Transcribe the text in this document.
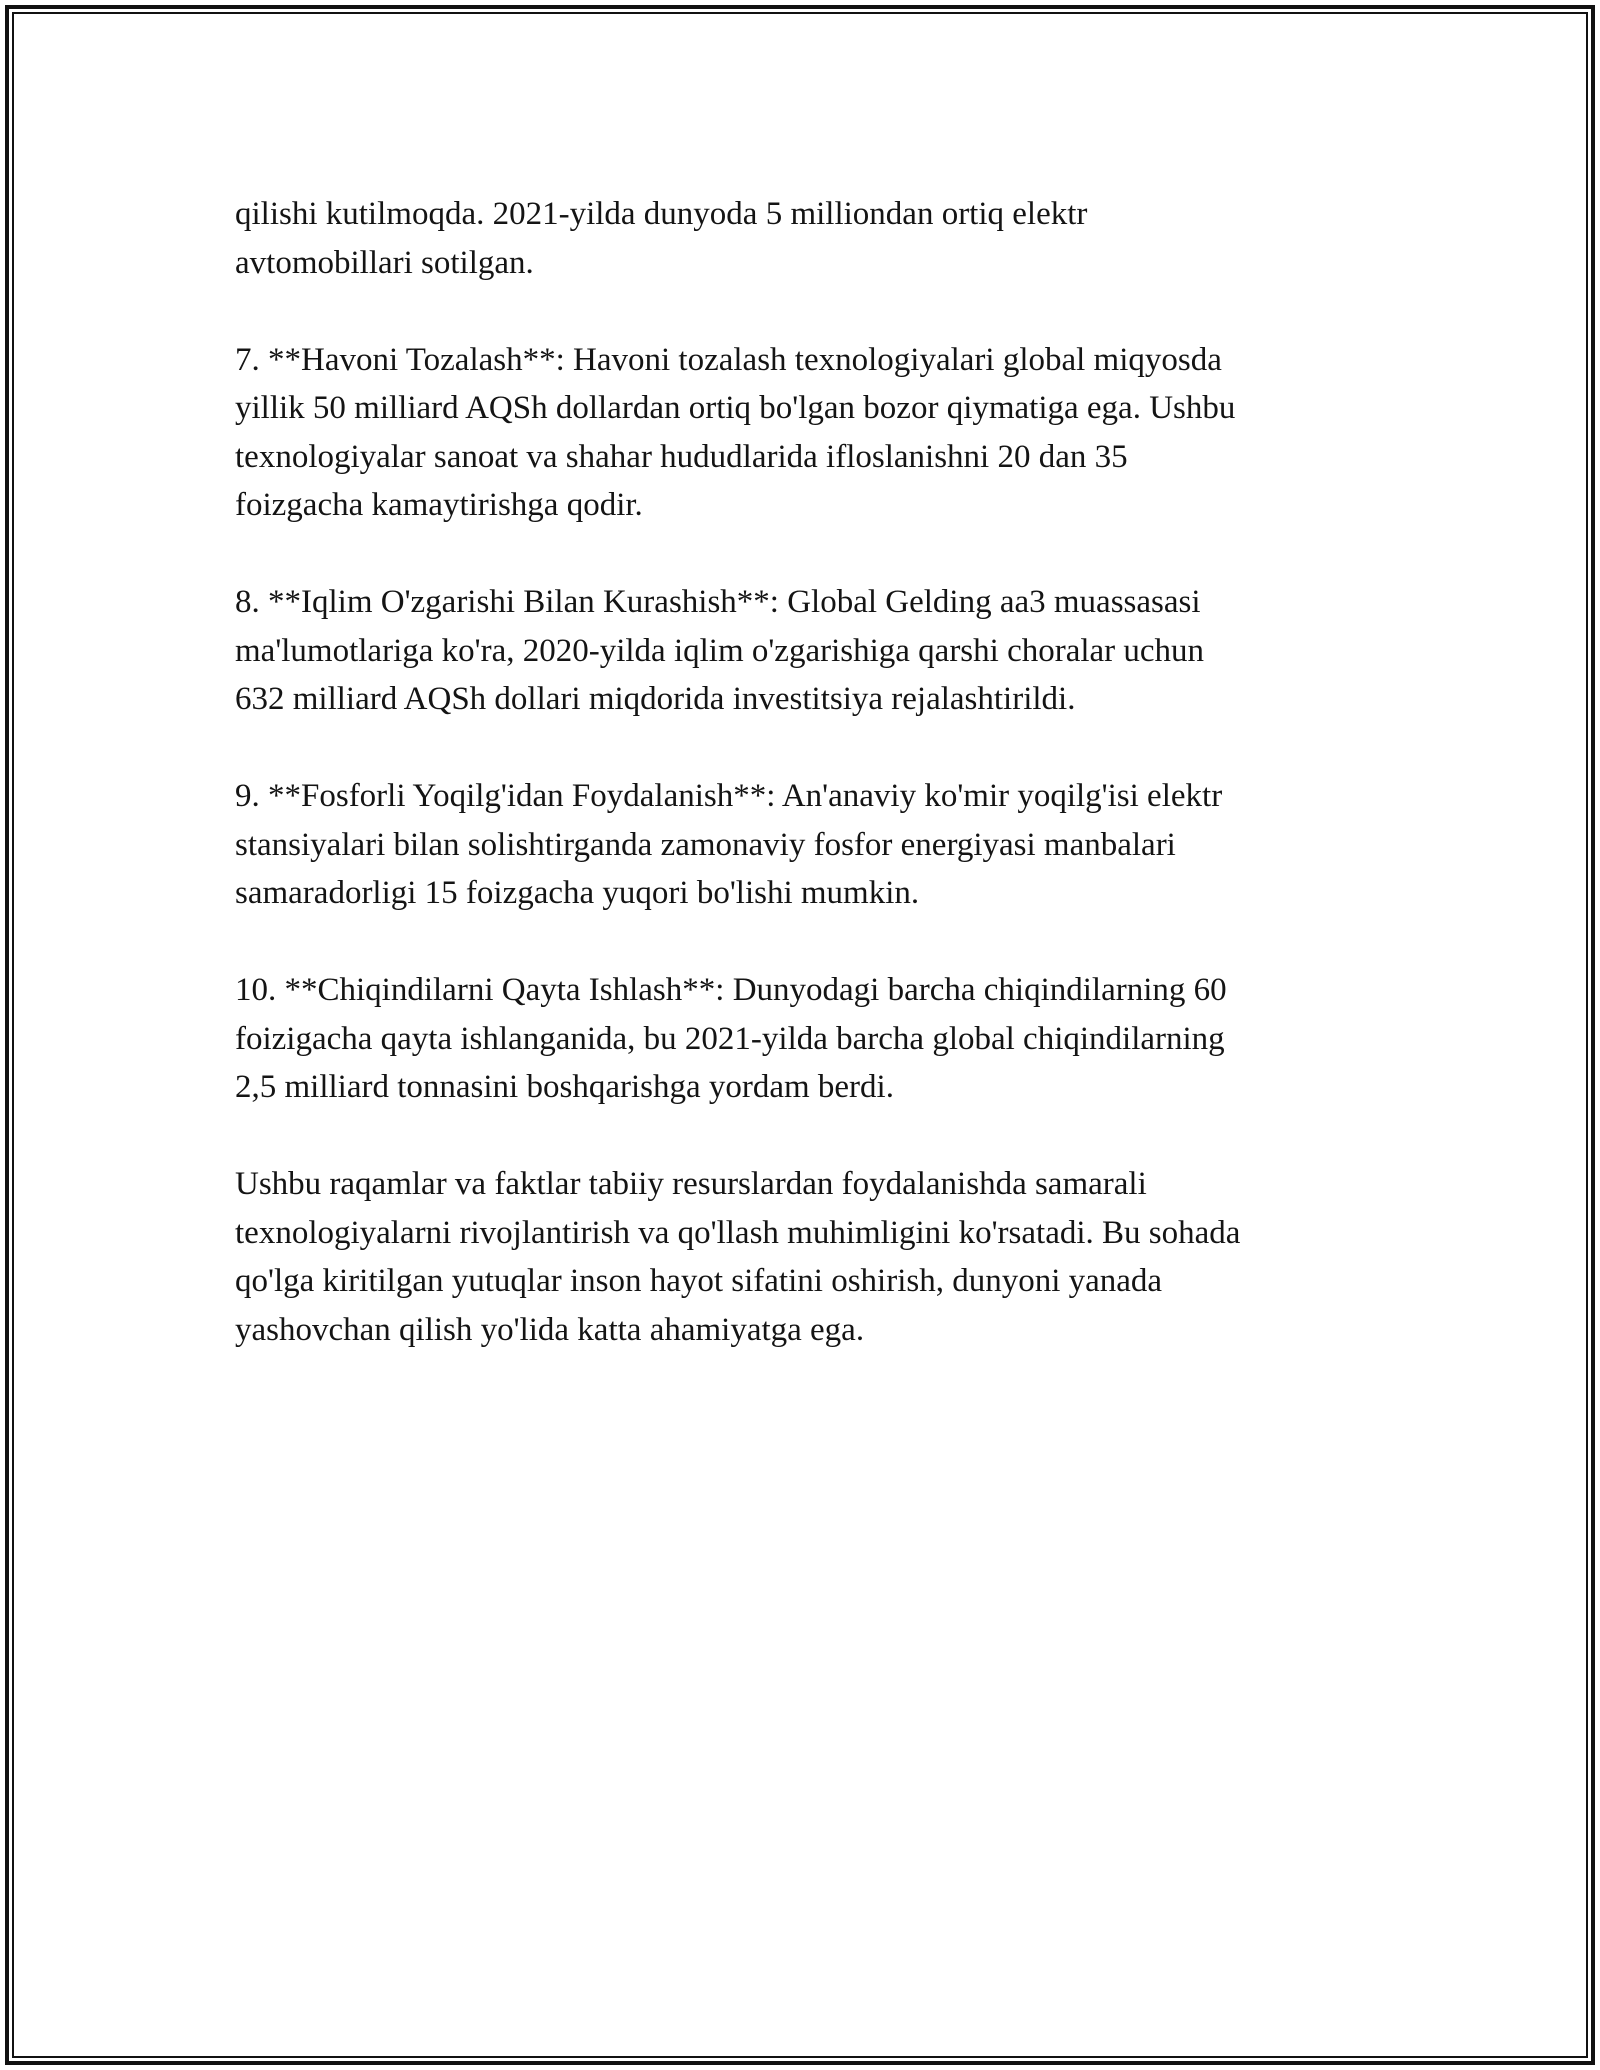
qilishi kutilmoqda. 2021-yilda dunyoda 5 milliondan ortiq elektr
avtomobillari sotilgan.

7. **Havoni Tozalash**: Havoni tozalash texnologiyalari global miqyosda
yillik 50 milliard AQSh dollardan ortiq bo'lgan bozor qiymatiga ega. Ushbu
texnologiyalar sanoat va shahar hududlarida ifloslanishni 20 dan 35
foizgacha kamaytirishga qodir.

8. **Iqlim O'zgarishi Bilan Kurashish**: Global Gelding aa3 muassasasi
ma'lumotlariga ko'ra, 2020-yilda iqlim o'zgarishiga qarshi choralar uchun
632 milliard AQSh dollari miqdorida investitsiya rejalashtirildi.

9. **Fosforli Yoqilg'idan Foydalanish**: An'anaviy ko'mir yoqilg'isi elektr
stansiyalari bilan solishtirganda zamonaviy fosfor energiyasi manbalari
samaradorligi 15 foizgacha yuqori bo'lishi mumkin.

10. **Chiqindilarni Qayta Ishlash**: Dunyodagi barcha chiqindilarning 60
foizigacha qayta ishlanganida, bu 2021-yilda barcha global chiqindilarning
2,5 milliard tonnasini boshqarishga yordam berdi.

Ushbu raqamlar va faktlar tabiiy resurslardan foydalanishda samarali
texnologiyalarni rivojlantirish va qo'llash muhimligini ko'rsatadi. Bu sohada
qo'lga kiritilgan yutuqlar inson hayot sifatini oshirish, dunyoni yanada
yashovchan qilish yo'lida katta ahamiyatga ega.
